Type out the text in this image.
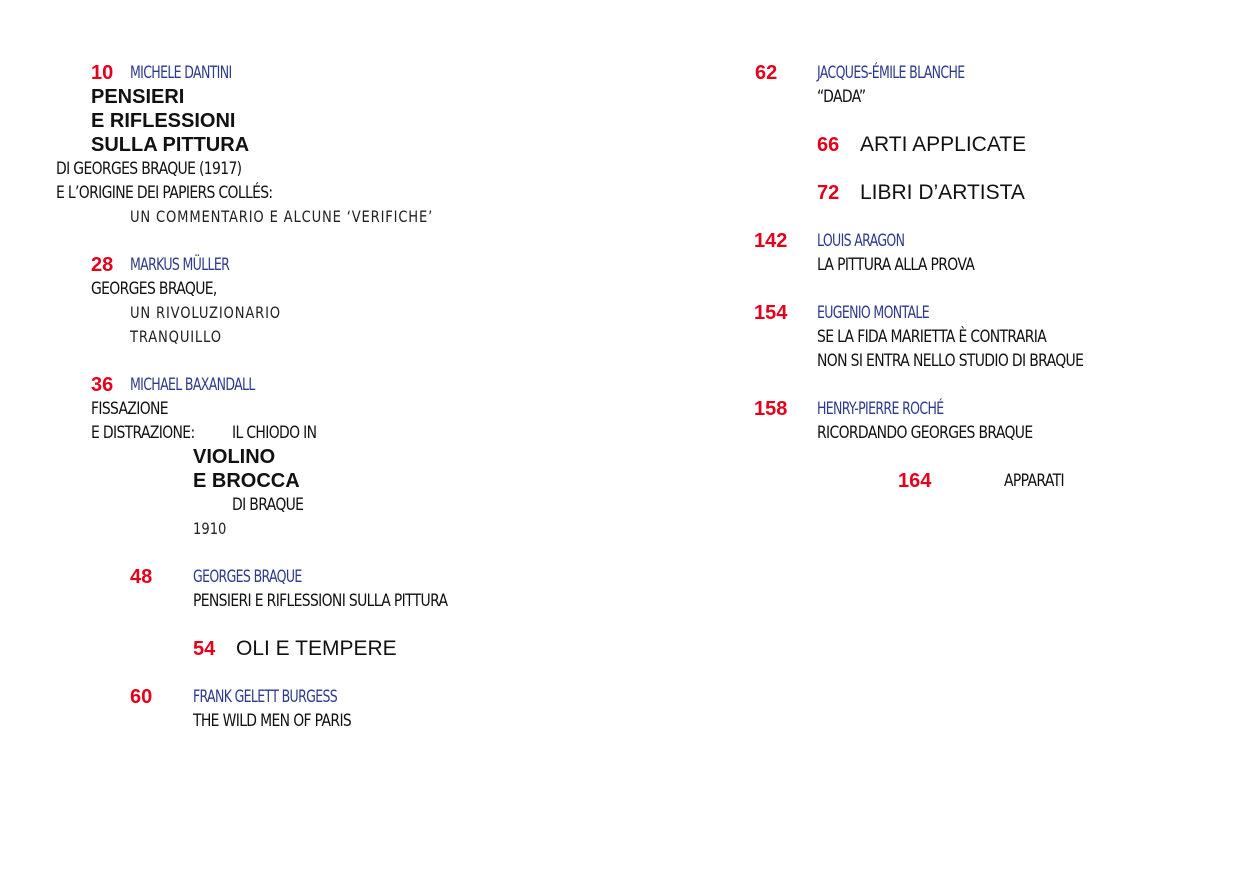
10 MICHELE DANTINI
PENSIERI
E RIFLESSIONI
SULLA PITTURA
DI GEORGES BRAQUE (1917)
E L’ORIGINE DEI PAPIERS COLLÉS:
UN COMMENTARIO E ALCUNE ‘VERIFICHE’
28 MARKUS MÜLLER
GEORGES BRAQUE,
UN RIVOLUZIONARIO
TRANQUILLO
36 MICHAEL BAXANDALL
FISSAZIONE
E DISTRAZIONE: IL CHIODO IN
VIOLINO
E BROCCA
DI BRAQUE
1910
48 GEORGES BRAQUE
PENSIERI E RIFLESSIONI SULLA PITTURA
54 OLI E TEMPERE
60 FRANK GELETT BURGESS
THE WILD MEN OF PARIS
62 JACQUES-ÉMILE BLANCHE
“DADA”
66 ARTI APPLICATE
72 LIBRI D’ARTISTA
142 LOUIS ARAGON
LA PITTURA ALLA PROVA
154 EUGENIO MONTALE
SE LA FIDA MARIETTA È CONTRARIA
NON SI ENTRA NELLO STUDIO DI BRAQUE
158 HENRY-PIERRE ROCHÉ
RICORDANDO GEORGES BRAQUE
164	APPARATI
